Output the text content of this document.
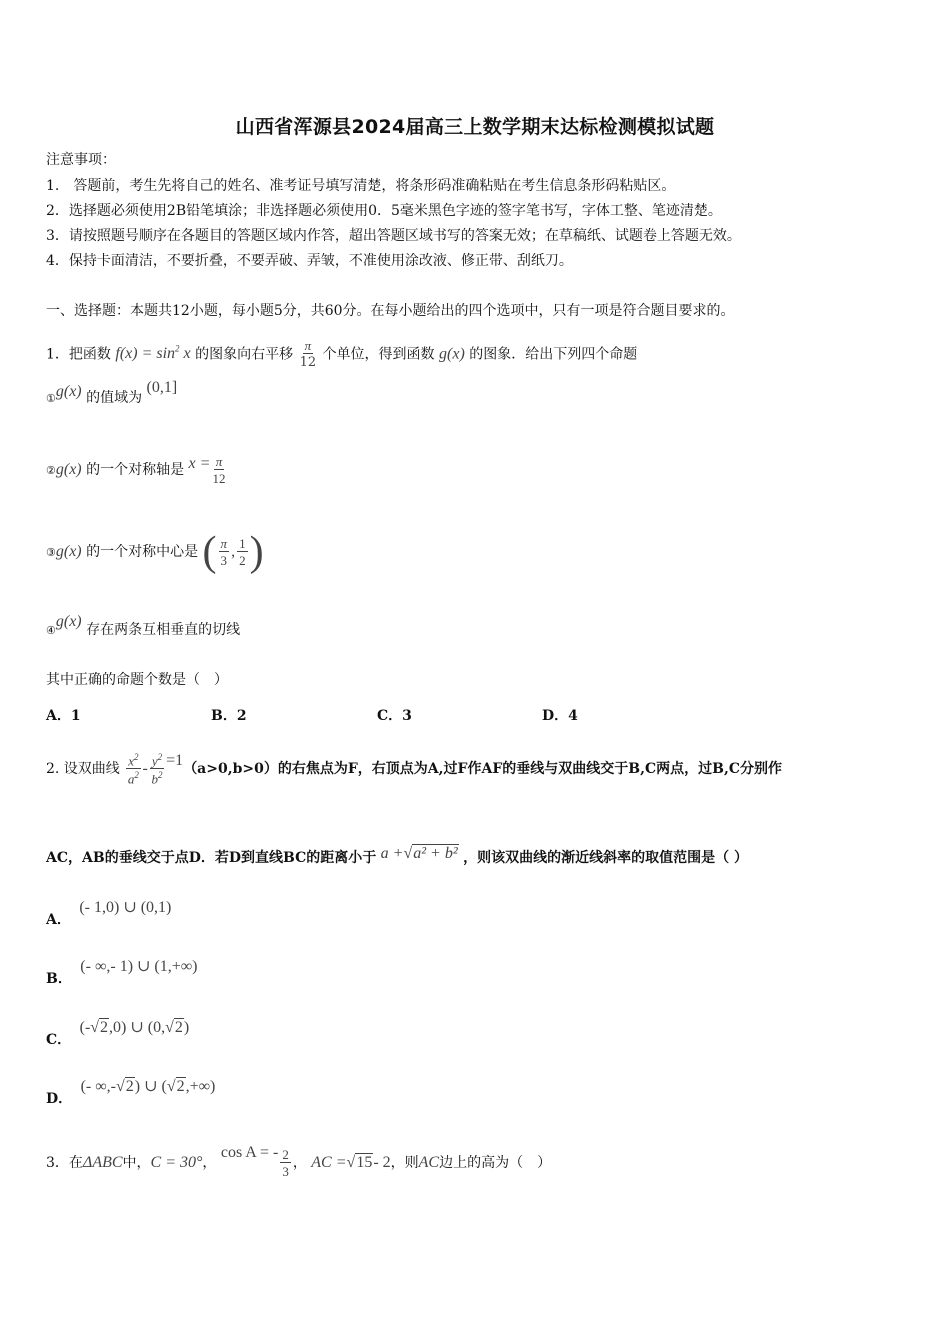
山西省浑源县2024届高三上数学期末达标检测模拟试题
注意事项：
1.　答题前，考生先将自己的姓名、准考证号填写清楚，将条形码准确粘贴在考生信息条形码粘贴区。
2．选择题必须使用2B铅笔填涂；非选择题必须使用0．5毫米黑色字迹的签字笔书写，字体工整、笔迹清楚。
3．请按照题号顺序在各题目的答题区域内作答，超出答题区域书写的答案无效；在草稿纸、试题卷上答题无效。
4．保持卡面清洁，不要折叠，不要弄破、弄皱，不准使用涂改液、修正带、刮纸刀。
一、选择题：本题共12小题，每小题5分，共60分。在每小题给出的四个选项中，只有一项是符合题目要求的。
1．把函数 $f(x) = \sin^2 x$ 的图象向右平移 $\frac{\pi}{12}$ 个单位，得到函数 g(x) 的图象．给出下列四个命题
①g(x) 的值域为 (0,1]
②g(x) 的一个对称轴是 $x = \frac{\pi}{12}$
③g(x) 的一个对称中心是 ( $\frac{\pi}{3}$ , $\frac{1}{2}$ )
④g(x) 存在两条互相垂直的切线
其中正确的命题个数是（　）
A．1	B．2	C．3	D．4
2. 设双曲线 $\frac{x^2}{a^2} - \frac{y^2}{b^2} =1(a>0,b>0)$的右焦点为F，右顶点为A,过F作AF的垂线与双曲线交于B,C两点，过B,C分别作
AC，AB的垂线交于点D．若D到直线BC的距离小于 a +√a² + b² ，则该双曲线的渐近线斜率的取值范围是（ ）
A． (- 1,0) ∪ (0,1)
B． (- ∞,- 1) ∪ (1,+∞)
C． (-√2,0) ∪ (0,√2)
D． (- ∞,-√2) ∪ (√2,+∞)
3．在ΔABC中，C = 30°， cos A = - $\frac{2}{3}$ ， AC =√15- 2，则AC边上的高为（　）
